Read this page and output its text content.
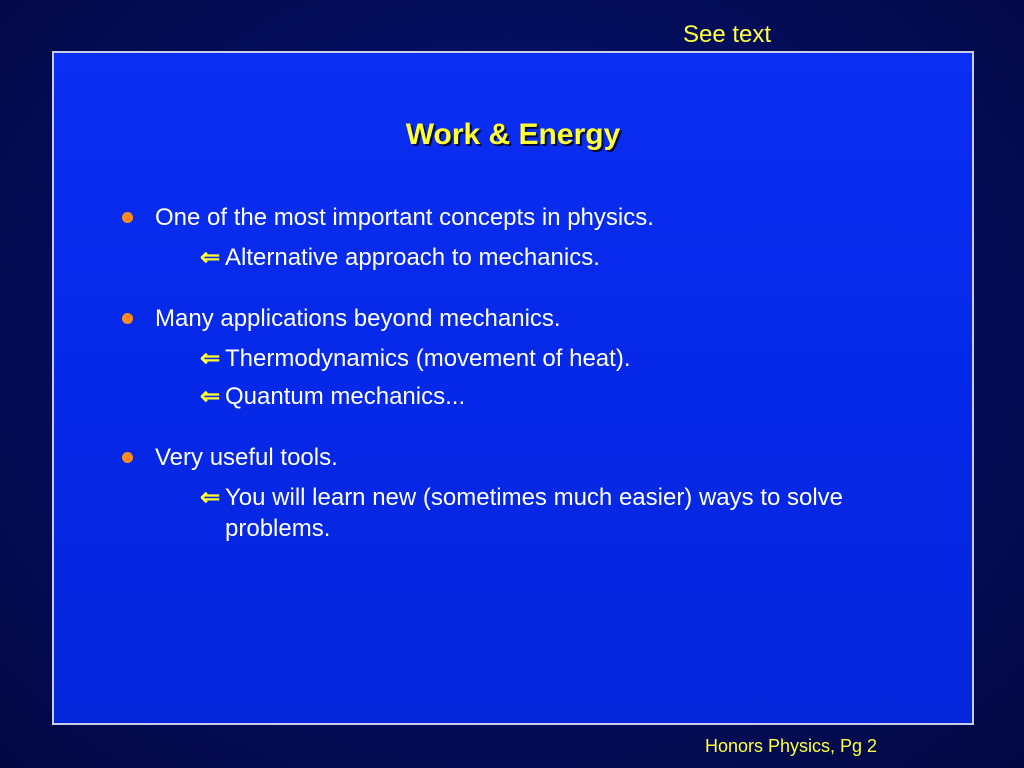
See text
Work & Energy
One of the most important concepts in physics.
⇐ Alternative approach to mechanics.
Many applications beyond mechanics.
⇐ Thermodynamics (movement of heat).
⇐ Quantum mechanics...
Very useful tools.
⇐ You will learn new (sometimes much easier) ways to solve problems.
Honors Physics, Pg 2
